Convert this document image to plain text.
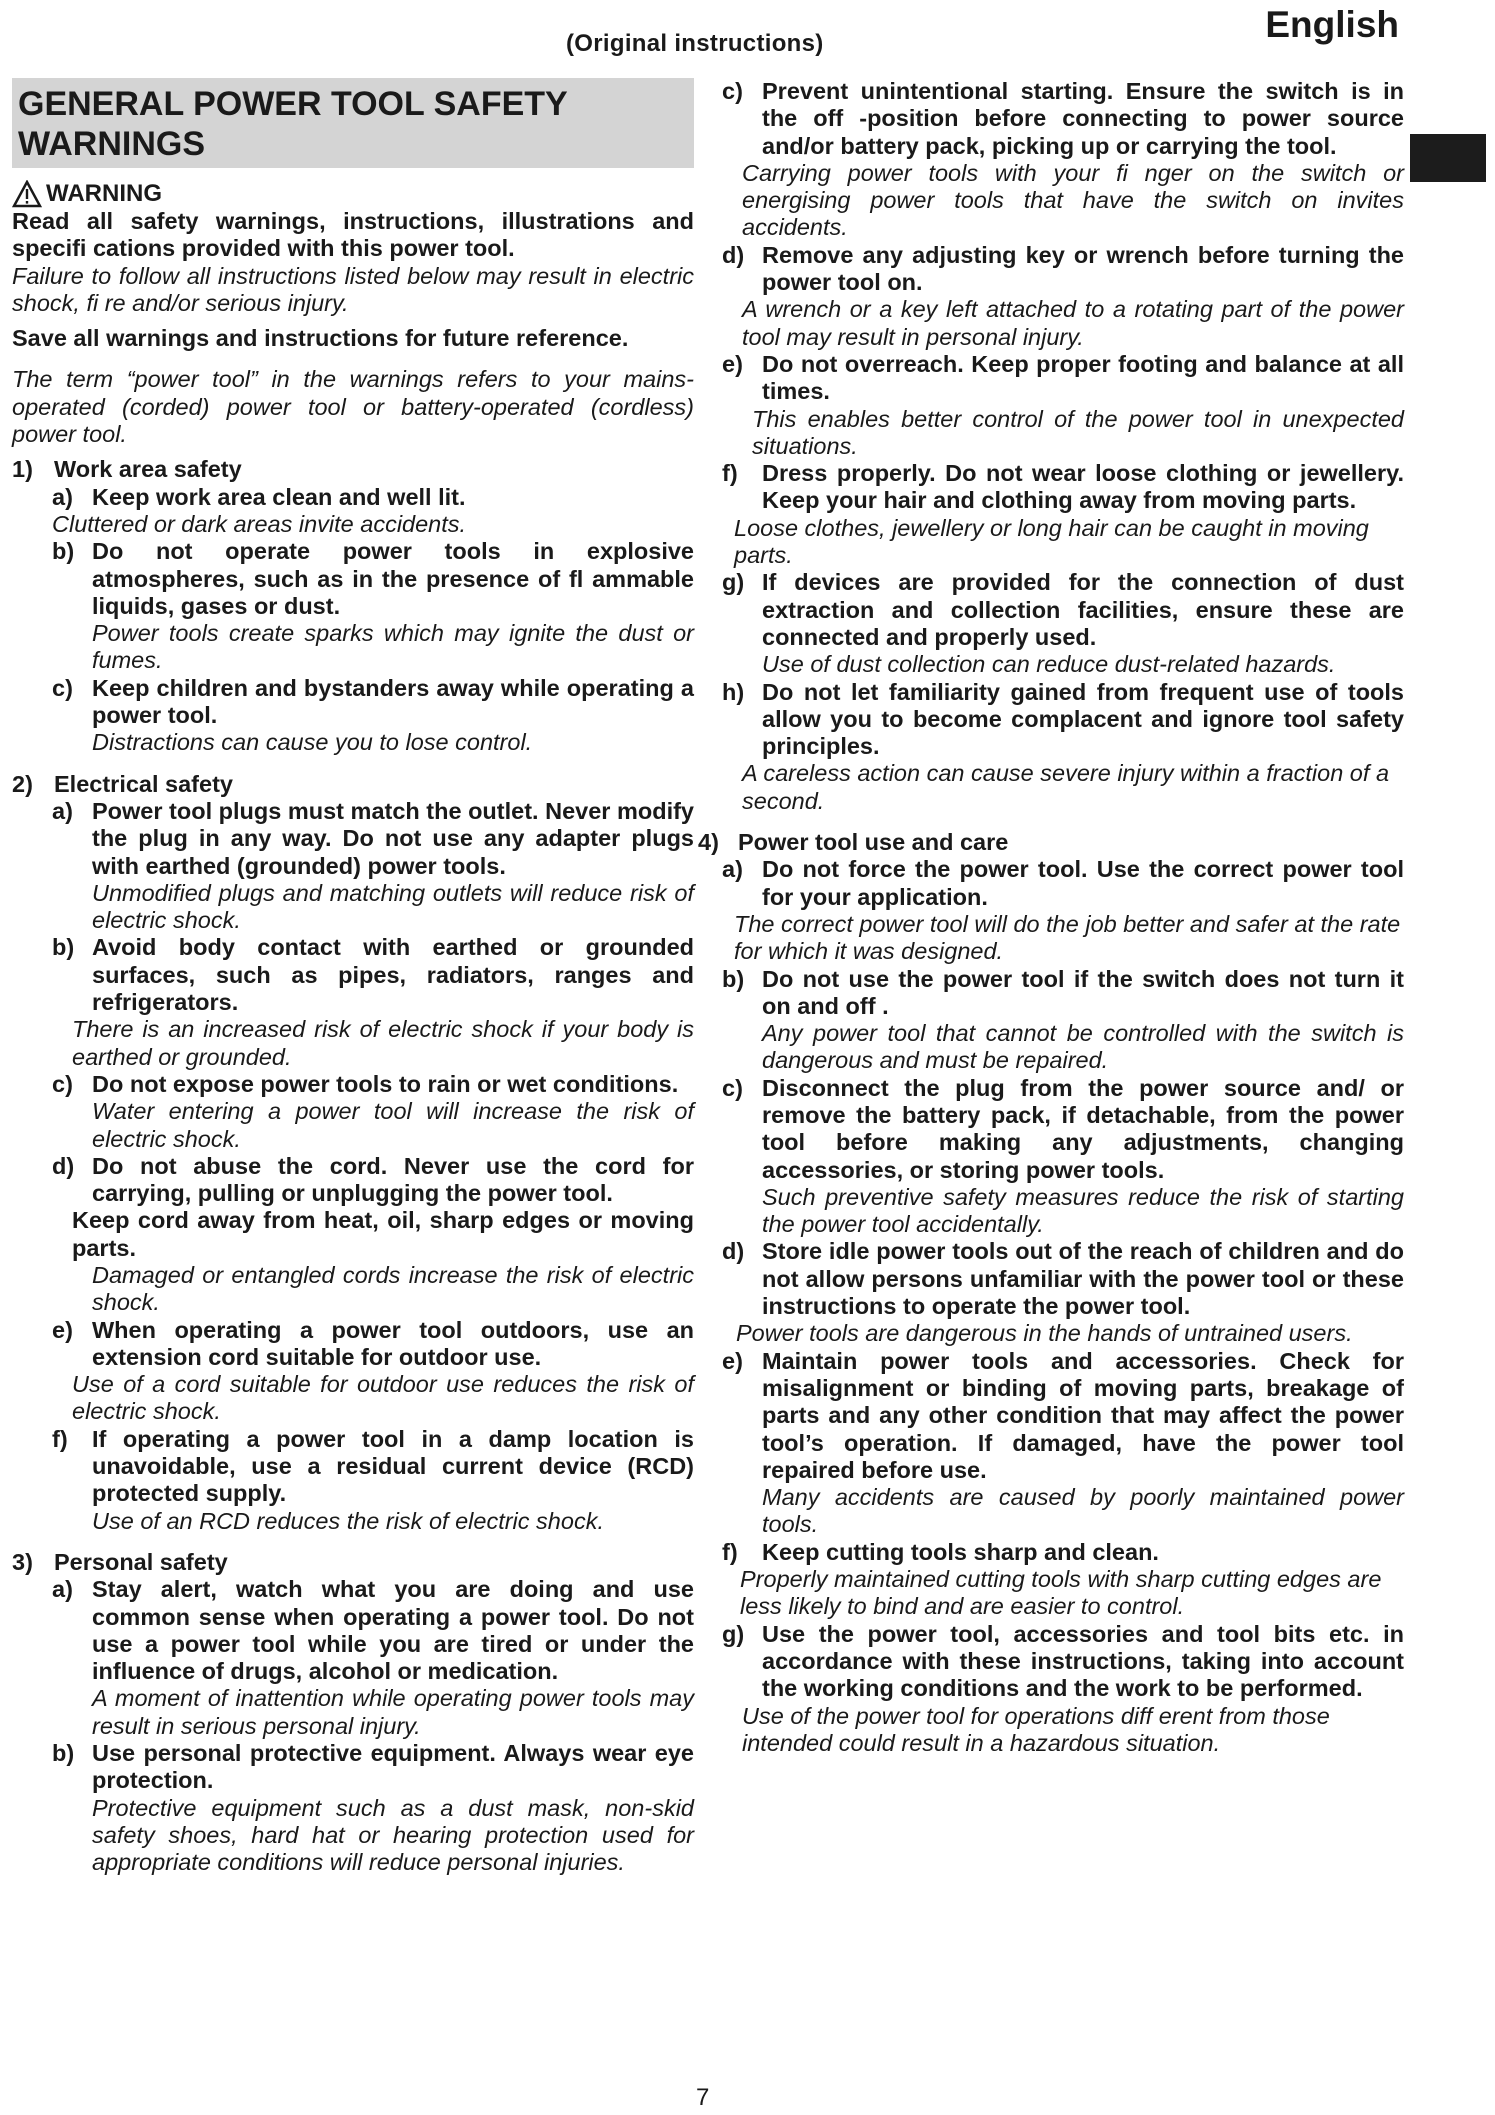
(Original instructions)	English
GENERAL POWER TOOL SAFETY WARNINGS
WARNING

Read all safety warnings, instructions, illustrations and specifi cations provided with this power tool.

Failure to follow all instructions listed below may result in electric shock, fi re and/or serious injury.

Save all warnings and instructions for future reference.

The term “power tool” in the warnings refers to your mains-operated (corded) power tool or battery-operated (cordless) power tool.

1) Work area safety
a) Keep work area clean and well lit.

Cluttered or dark areas invite accidents.

b) Do not operate power tools in explosive atmospheres, such as in the presence of fl ammable liquids, gases or dust.

Power tools create sparks which may ignite the dust or fumes.

c) Keep children and bystanders away while operating a power tool.

Distractions can cause you to lose control.

2) Electrical safety
a) Power tool plugs must match the outlet. Never modify the plug in any way. Do not use any adapter plugs with earthed (grounded) power tools.

Unmodified plugs and matching outlets will reduce risk of electric shock.

b) Avoid body contact with earthed or grounded surfaces, such as pipes, radiators, ranges and refrigerators.

There is an increased risk of electric shock if your body is earthed or grounded.

c) Do not expose power tools to rain or wet conditions.

Water entering a power tool will increase the risk of electric shock.

d) Do not abuse the cord. Never use the cord for carrying, pulling or unplugging the power tool.

Keep cord away from heat, oil, sharp edges or moving parts.

Damaged or entangled cords increase the risk of electric shock.

e) When operating a power tool outdoors, use an extension cord suitable for outdoor use.

Use of a cord suitable for outdoor use reduces the risk of electric shock.

f)	If operating a power tool in a damp location is unavoidable, use a residual current device (RCD) protected supply.

Use of an RCD reduces the risk of electric shock.

3) Personal safety
a) Stay alert, watch what you are doing and use common sense when operating a power tool. Do not use a power tool while you are tired or under the influence of drugs, alcohol or medication.

A moment of inattention while operating power tools may result in serious personal injury.

b) Use personal protective equipment. Always wear eye protection.

Protective equipment such as a dust mask, non-skid safety shoes, hard hat or hearing protection used for appropriate conditions will reduce personal injuries.

c) Prevent unintentional starting. Ensure the switch is in the off -position before connecting to power source and/or battery pack, picking up or carrying the tool.

Carrying power tools with your fi nger on the switch or energising power tools that have the switch on invites accidents.

d) Remove any adjusting key or wrench before turning the power tool on.

A wrench or a key left attached to a rotating part of the power tool may result in personal injury.

e) Do not overreach. Keep proper footing and balance at all times.

This enables better control of the power tool in unexpected situations.

f)	Dress properly. Do not wear loose clothing or jewellery. Keep your hair and clothing away from moving parts.

Loose clothes, jewellery or long hair can be caught in moving parts.

g) If devices are provided for the connection of dust extraction and collection facilities, ensure these are connected and properly used.

Use of dust collection can reduce dust-related hazards.

h) Do not let familiarity gained from frequent use of tools allow you to become complacent and ignore tool safety principles.

A careless action can cause severe injury within a fraction of a second.

4) Power tool use and care
a) Do not force the power tool. Use the correct power tool for your application.

The correct power tool will do the job better and safer at the rate for which it was designed.

b) Do not use the power tool if the switch does not turn it on and off .

Any power tool that cannot be controlled with the switch is dangerous and must be repaired.

c) Disconnect the plug from the power source and/ or remove the battery pack, if detachable, from the power tool before making any adjustments, changing accessories, or storing power tools.

Such preventive safety measures reduce the risk of starting the power tool accidentally.

d) Store idle power tools out of the reach of children and do not allow persons unfamiliar with the power tool or these instructions to operate the power tool.

Power tools are dangerous in the hands of untrained users.

e) Maintain power tools and accessories. Check for misalignment or binding of moving parts, breakage of parts and any other condition that may affect the power tool’s operation. If damaged, have the power tool repaired before use.

Many accidents are caused by poorly maintained power tools.

f)	Keep cutting tools sharp and clean.

Properly maintained cutting tools with sharp cutting edges are less likely to bind and are easier to control.

g) Use the power tool, accessories and tool bits etc. in accordance with these instructions, taking into account the working conditions and the work to be performed.

Use of the power tool for operations diff erent from those intended could result in a hazardous situation.

7
